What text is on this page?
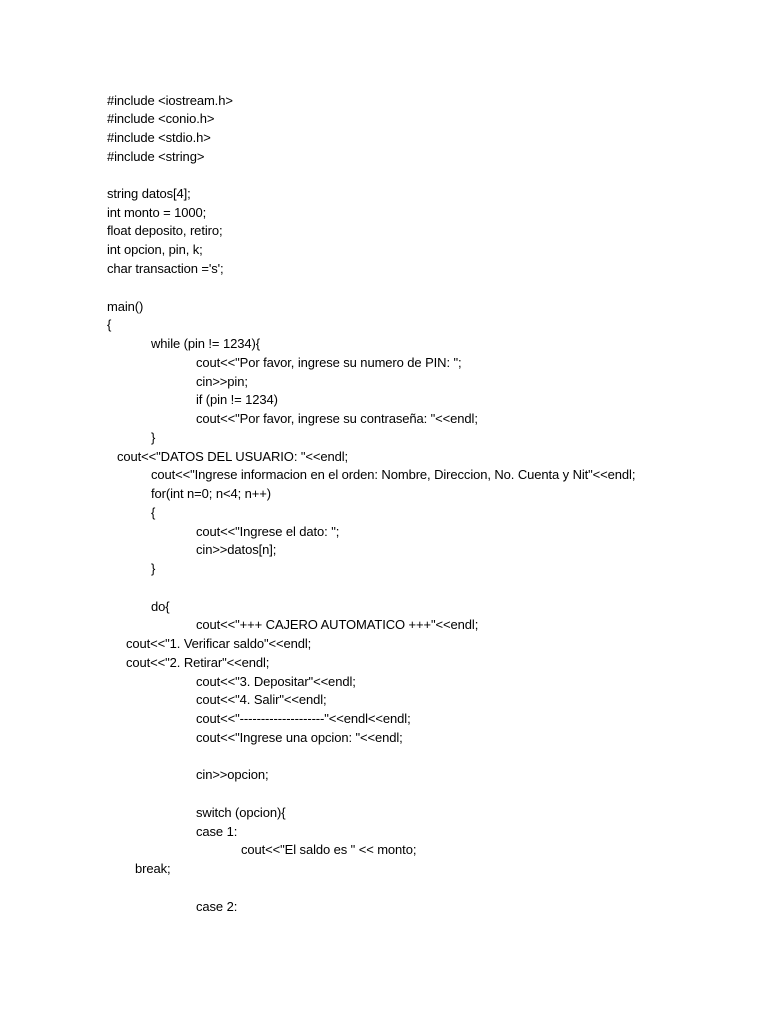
#include <iostream.h>
#include <conio.h>
#include <stdio.h>
#include <string>
string datos[4];
int monto = 1000;
float deposito, retiro;
int opcion, pin, k;
char transaction ='s';
main()
{
while (pin != 1234){
cout<<"Por favor, ingrese su numero de PIN: ";
cin>>pin;
if (pin != 1234)
cout<<"Por favor, ingrese su contraseña: "<<endl;
}
cout<<"DATOS DEL USUARIO: "<<endl;
cout<<"Ingrese informacion en el orden: Nombre, Direccion, No. Cuenta y Nit"<<endl;
for(int n=0; n<4; n++)
{
cout<<"Ingrese el dato: ";
cin>>datos[n];
}
do{
cout<<"+++ CAJERO AUTOMATICO +++"<<endl;
cout<<"1. Verificar saldo"<<endl;
cout<<"2. Retirar"<<endl;
cout<<"3. Depositar"<<endl;
cout<<"4. Salir"<<endl;
cout<<"--------------------"<<endl<<endl;
cout<<"Ingrese una opcion: "<<endl;
cin>>opcion;
switch (opcion){
case 1:
cout<<"El saldo es " << monto;
break;
case 2:
